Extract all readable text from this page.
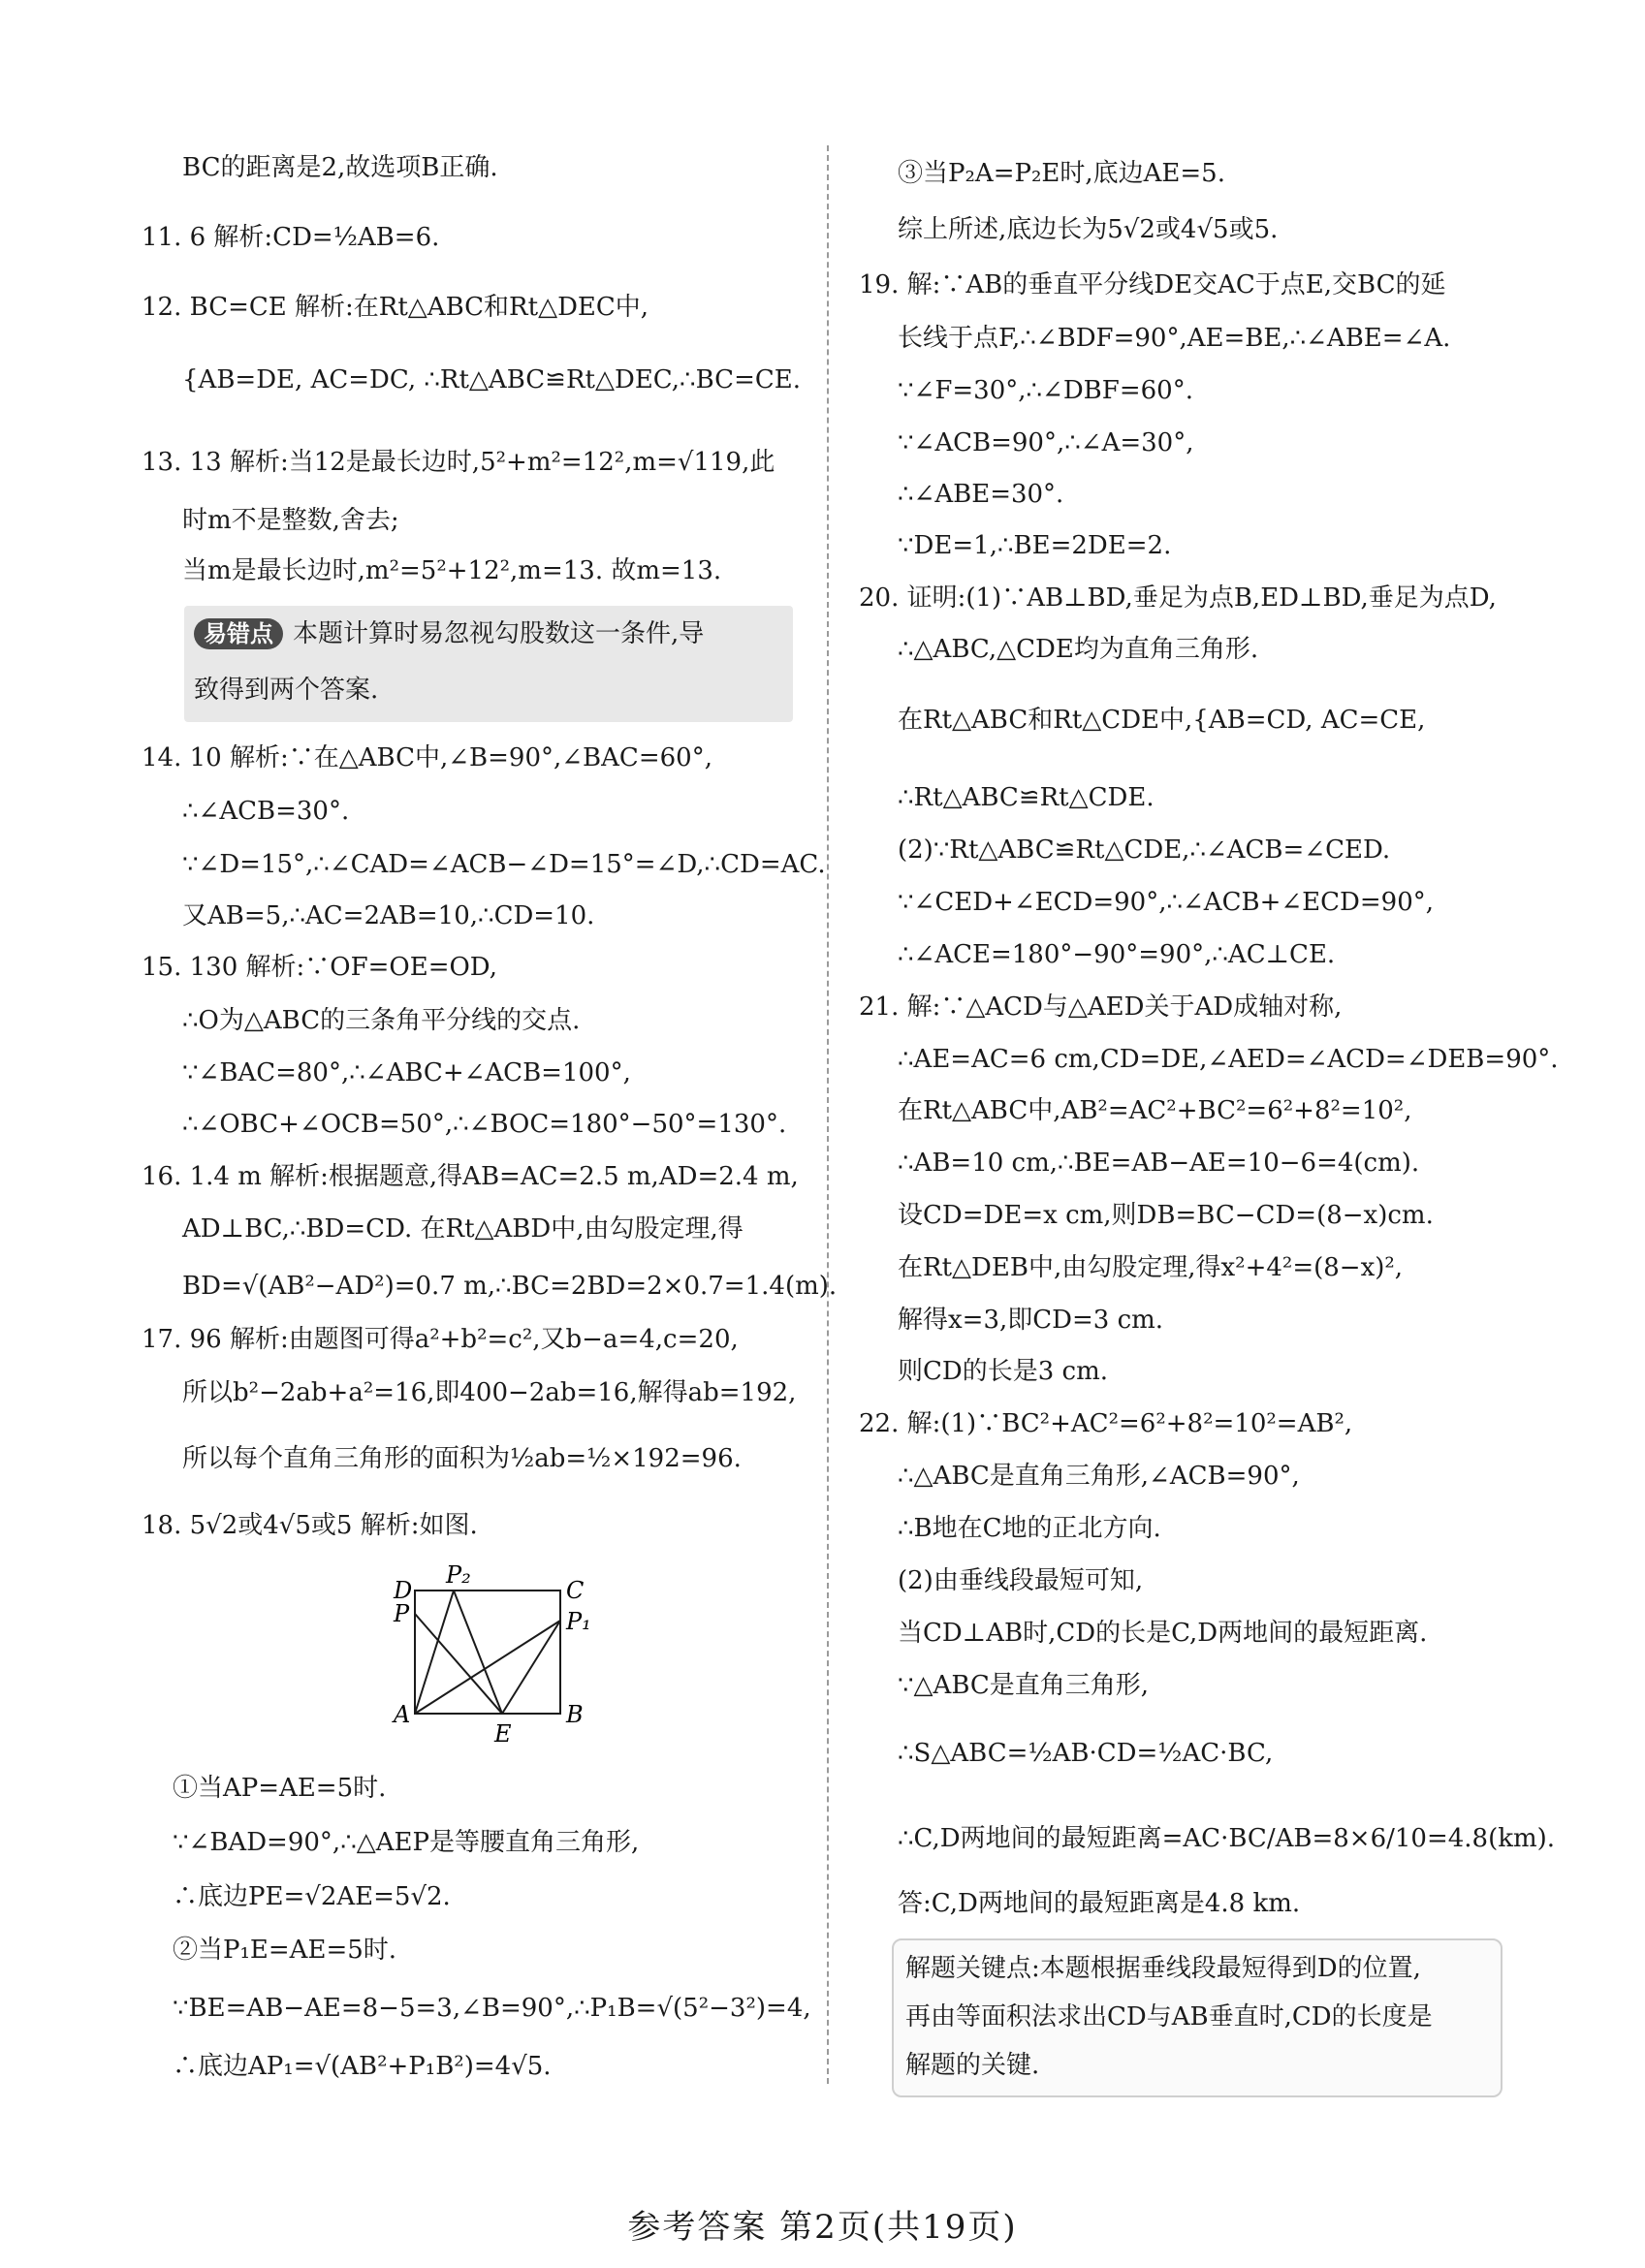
BC的距离是2,故选项B正确.
11. 6 解析:CD=½AB=6.
12. BC=CE 解析:在Rt△ABC和Rt△DEC中,
{AB=DE, AC=DC, ∴Rt△ABC≌Rt△DEC,∴BC=CE.
13. 13 解析:当12是最长边时,5²+m²=12²,m=√119,此
时m不是整数,舍去;
当m是最长边时,m²=5²+12²,m=13. 故m=13.
易错点 本题计算时易忽视勾股数这一条件,导
致得到两个答案.
14. 10 解析:∵在△ABC中,∠B=90°,∠BAC=60°,
∴∠ACB=30°.
∵∠D=15°,∴∠CAD=∠ACB−∠D=15°=∠D,∴CD=AC.
又AB=5,∴AC=2AB=10,∴CD=10.
15. 130 解析:∵OF=OE=OD,
∴O为△ABC的三条角平分线的交点.
∵∠BAC=80°,∴∠ABC+∠ACB=100°,
∴∠OBC+∠OCB=50°,∴∠BOC=180°−50°=130°.
16. 1.4 m 解析:根据题意,得AB=AC=2.5 m,AD=2.4 m,
AD⊥BC,∴BD=CD. 在Rt△ABD中,由勾股定理,得
BD=√(AB²−AD²)=0.7 m,∴BC=2BD=2×0.7=1.4(m).
17. 96 解析:由题图可得a²+b²=c²,又b−a=4,c=20,
所以b²−2ab+a²=16,即400−2ab=16,解得ab=192,
所以每个直角三角形的面积为½ab=½×192=96.
18. 5√2或4√5或5 解析:如图.
D
P₂
C
P	P₁
A
E
B
①当AP=AE=5时.
∵∠BAD=90°,∴△AEP是等腰直角三角形,
∴底边PE=√2AE=5√2.
②当P₁E=AE=5时.
∵BE=AB−AE=8−5=3,∠B=90°,∴P₁B=√(5²−3²)=4,
∴底边AP₁=√(AB²+P₁B²)=4√5.
③当P₂A=P₂E时,底边AE=5.
综上所述,底边长为5√2或4√5或5.
19. 解:∵AB的垂直平分线DE交AC于点E,交BC的延
长线于点F,∴∠BDF=90°,AE=BE,∴∠ABE=∠A.
∵∠F=30°,∴∠DBF=60°.
∵∠ACB=90°,∴∠A=30°,
∴∠ABE=30°.
∵DE=1,∴BE=2DE=2.
20. 证明:(1)∵AB⊥BD,垂足为点B,ED⊥BD,垂足为点D,
∴△ABC,△CDE均为直角三角形.
在Rt△ABC和Rt△CDE中,{AB=CD, AC=CE,
∴Rt△ABC≌Rt△CDE.
(2)∵Rt△ABC≌Rt△CDE,∴∠ACB=∠CED.
∵∠CED+∠ECD=90°,∴∠ACB+∠ECD=90°,
∴∠ACE=180°−90°=90°,∴AC⊥CE.
21. 解:∵△ACD与△AED关于AD成轴对称,
∴AE=AC=6 cm,CD=DE,∠AED=∠ACD=∠DEB=90°.
在Rt△ABC中,AB²=AC²+BC²=6²+8²=10²,
∴AB=10 cm,∴BE=AB−AE=10−6=4(cm).
设CD=DE=x cm,则DB=BC−CD=(8−x)cm.
在Rt△DEB中,由勾股定理,得x²+4²=(8−x)²,
解得x=3,即CD=3 cm.
则CD的长是3 cm.
22. 解:(1)∵BC²+AC²=6²+8²=10²=AB²,
∴△ABC是直角三角形,∠ACB=90°,
∴B地在C地的正北方向.
(2)由垂线段最短可知,
当CD⊥AB时,CD的长是C,D两地间的最短距离.
∵△ABC是直角三角形,
∴S△ABC=½AB·CD=½AC·BC,
∴C,D两地间的最短距离=AC·BC/AB=8×6/10=4.8(km).
答:C,D两地间的最短距离是4.8 km.
解题关键点:本题根据垂线段最短得到D的位置,
再由等面积法求出CD与AB垂直时,CD的长度是
解题的关键.
参考答案 第2页(共19页)
